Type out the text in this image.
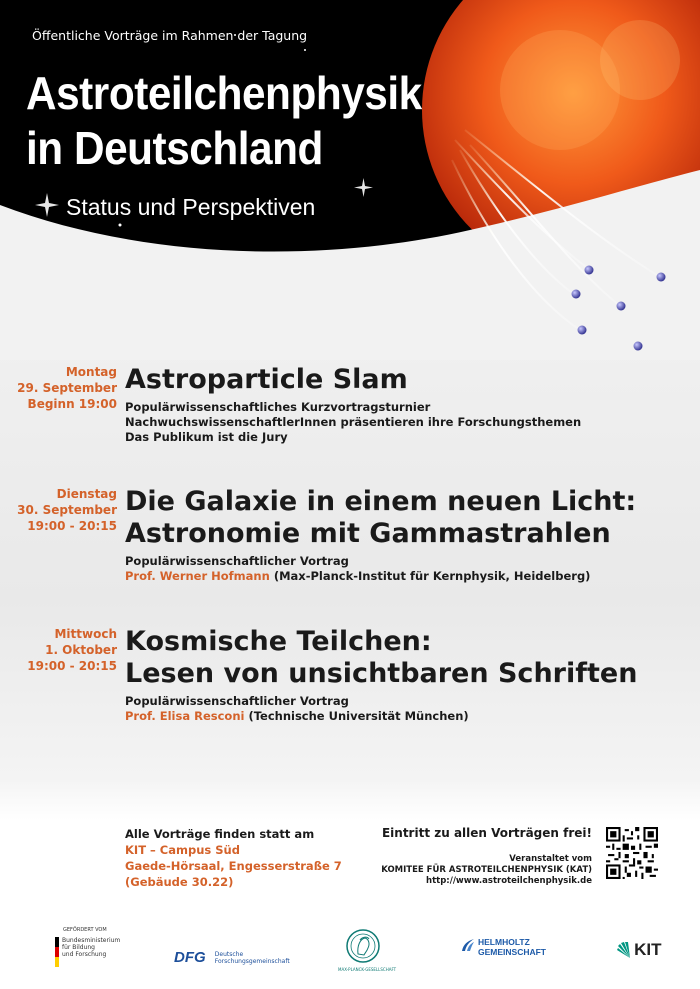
Öffentliche Vorträge im Rahmen der Tagung
Astroteilchenphysik
in Deutschland
Status und Perspektiven
Montag
29. September
Beginn 19:00
Astroparticle Slam
Populärwissenschaftliches Kurzvortragsturnier
NachwuchswissenschaftlerInnen präsentieren ihre Forschungsthemen
Das Publikum ist die Jury
Dienstag
30. September
19:00 - 20:15
Die Galaxie in einem neuen Licht:
Astronomie mit Gammastrahlen
Populärwissenschaftlicher Vortrag
Prof. Werner Hofmann (Max-Planck-Institut für Kernphysik, Heidelberg)
Mittwoch
1. Oktober
19:00 - 20:15
Kosmische Teilchen:
Lesen von unsichtbaren Schriften
Populärwissenschaftlicher Vortrag
Prof. Elisa Resconi (Technische Universität München)
Alle Vorträge finden statt am
KIT – Campus Süd
Gaede-Hörsaal, Engesserstraße 7
(Gebäude 30.22)
Eintritt zu allen Vorträgen frei!
Veranstaltet vom
KOMITEE FÜR ASTROTEILCHENPHYSIK (KAT)
http://www.astroteilchenphysik.de
GEFÖRDERT VOM
Bundesministerium
für Bildung
und Forschung	DFG Deutsche
Forschungsgemeinschaft
MAX-PLANCK-GESELLSCHAFT
HELMHOLTZ
GEMEINSCHAFT	KIT
